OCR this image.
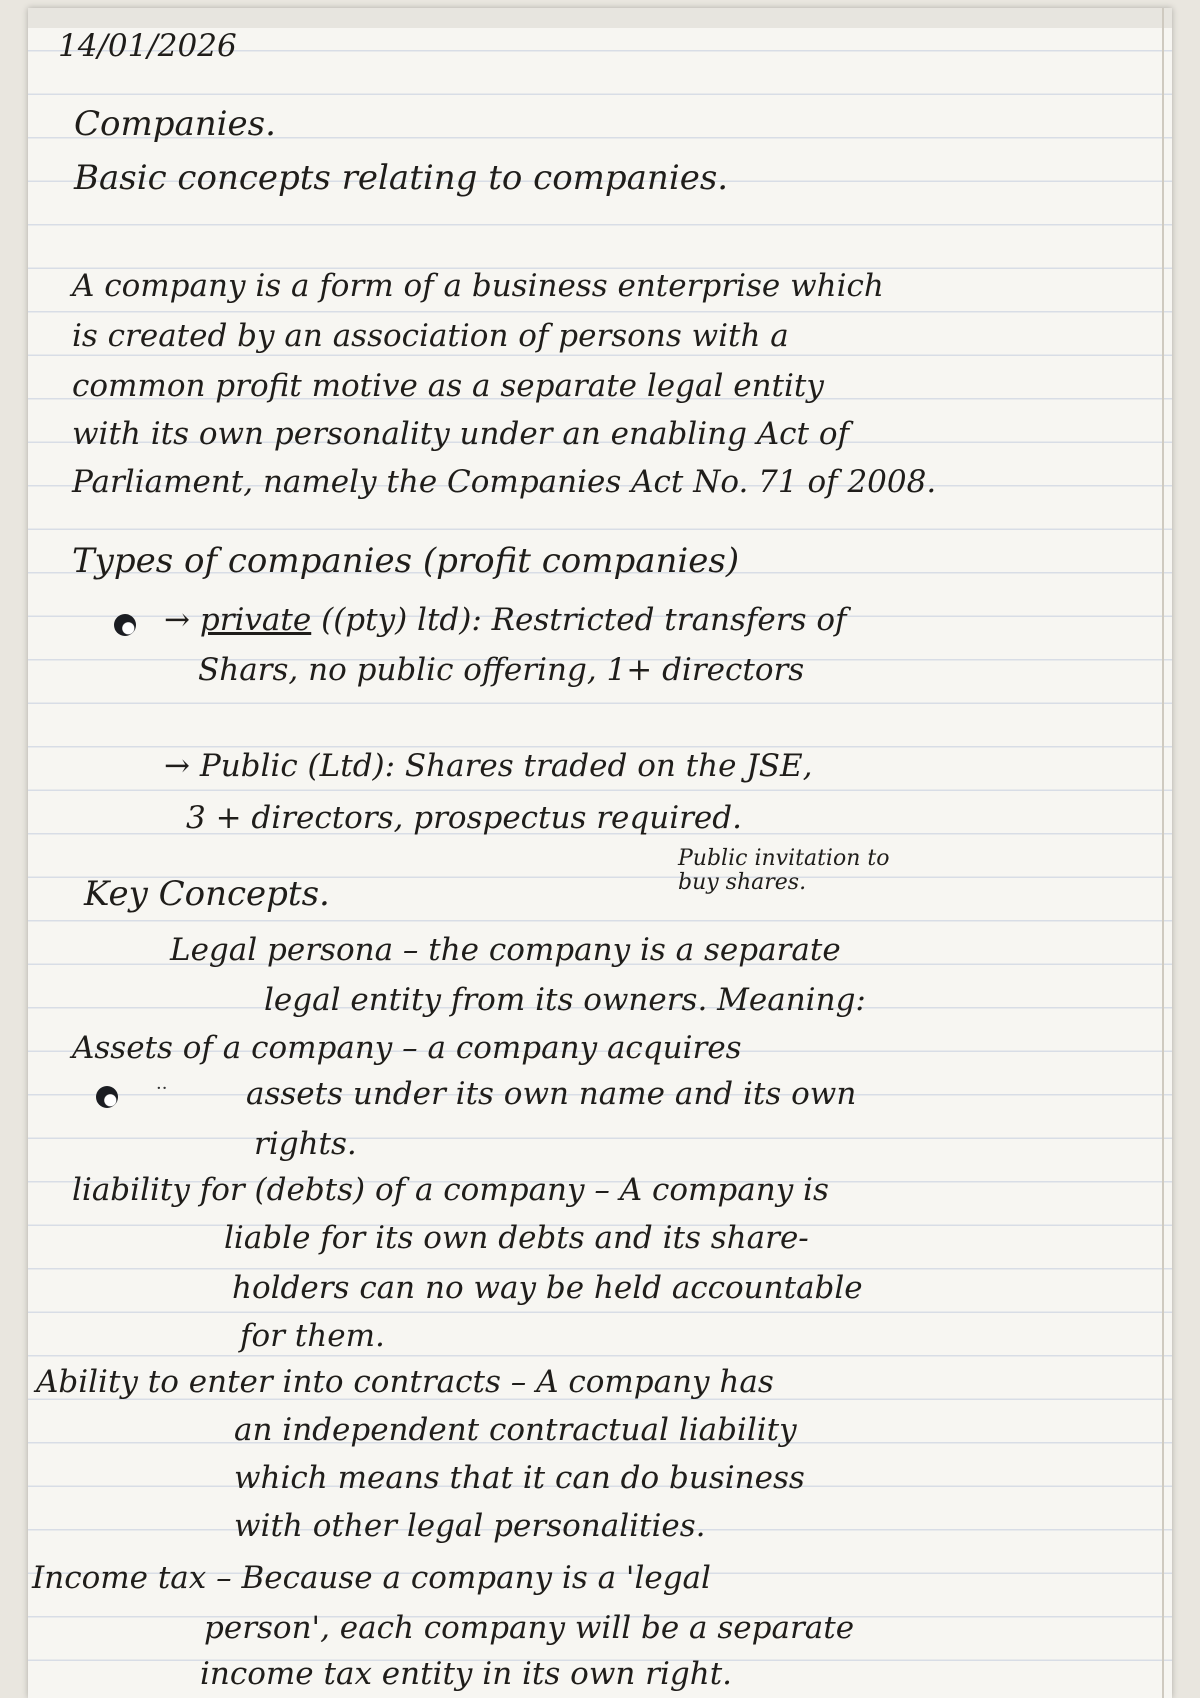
14/01/2026
Companies.
Basic concepts relating to companies.
A company is a form of a business enterprise which
is created by an association of persons with a
common profit motive as a separate legal entity
with its own personality under an enabling Act of
Parliament, namely the Companies Act No. 71 of 2008.
Types of companies (profit companies)
→ private ((pty) ltd): Restricted transfers of
Shars, no public offering, 1+ directors
→ Public (Ltd): Shares traded on the JSE,
3 + directors, prospectus required.
Public invitation to
buy shares.
Key Concepts.
Legal persona – the company is a separate
legal entity from its owners. Meaning:
Assets of a company – a company acquires
··	assets under its own name and its own
rights.
liability for (debts) of a company – A company is
liable for its own debts and its share-
holders can no way be held accountable
for them.
Ability to enter into contracts – A company has
an independent contractual liability
which means that it can do business
with other legal personalities.
Income tax – Because a company is a 'legal
person', each company will be a separate
income tax entity in its own right.
